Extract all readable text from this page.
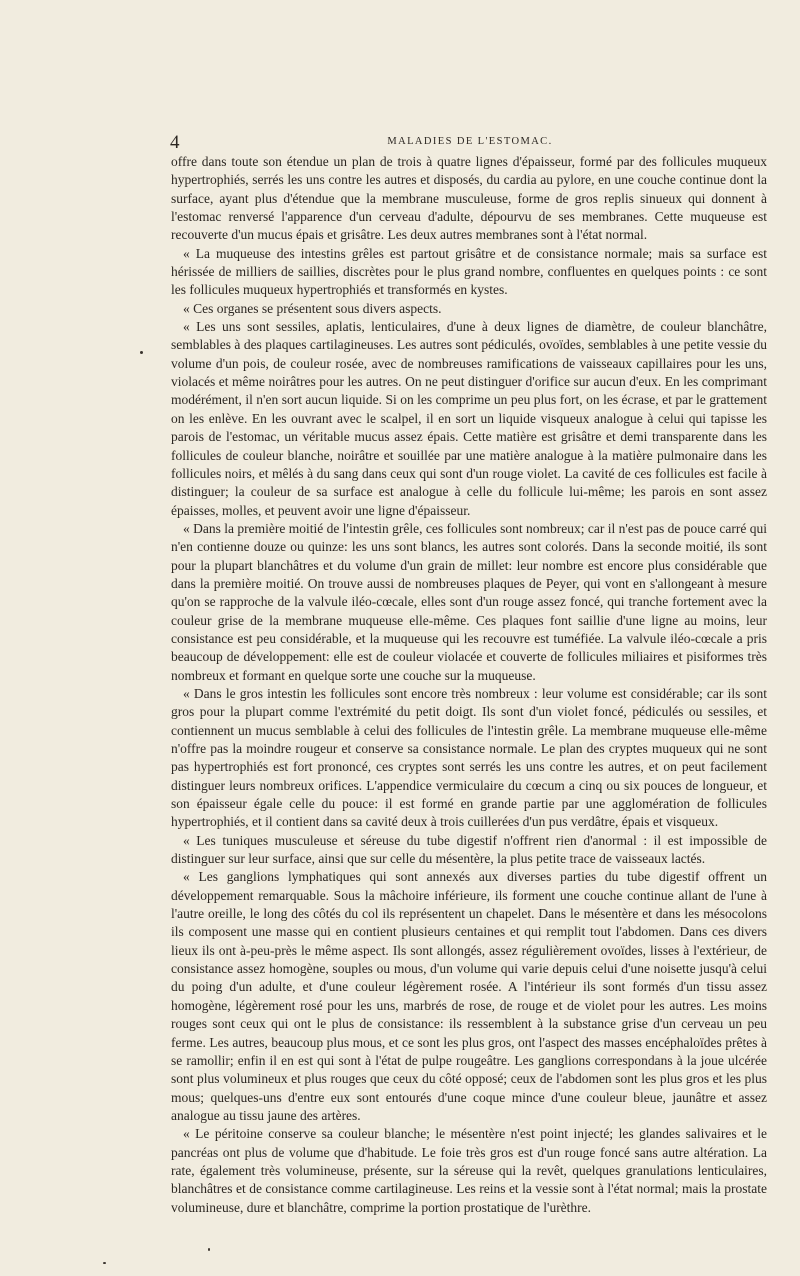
4	MALADIES DE L'ESTOMAC.

offre dans toute son étendue un plan de trois à quatre lignes d'épaisseur, formé par des follicules muqueux hypertrophiés, serrés les uns contre les autres et disposés, du cardia au pylore, en une couche continue dont la surface, ayant plus d'étendue que la membrane musculeuse, forme de gros replis sinueux qui donnent à l'estomac renversé l'apparence d'un cerveau d'adulte, dépourvu de ses membranes. Cette muqueuse est recouverte d'un mucus épais et grisâtre. Les deux autres membranes sont à l'état normal.

« La muqueuse des intestins grêles est partout grisâtre et de consistance normale; mais sa surface est hérissée de milliers de saillies, discrètes pour le plus grand nombre, confluentes en quelques points : ce sont les follicules muqueux hypertrophiés et transformés en kystes.

« Ces organes se présentent sous divers aspects.

« Les uns sont sessiles, aplatis, lenticulaires, d'une à deux lignes de diamètre, de couleur blanchâtre, semblables à des plaques cartilagineuses. Les autres sont pédiculés, ovoïdes, semblables à une petite vessie du volume d'un pois, de couleur rosée, avec de nombreuses ramifications de vaisseaux capillaires pour les uns, violacés et même noirâtres pour les autres. On ne peut distinguer d'orifice sur aucun d'eux. En les comprimant modérément, il n'en sort aucun liquide. Si on les comprime un peu plus fort, on les écrase, et par le grattement on les enlève. En les ouvrant avec le scalpel, il en sort un liquide visqueux analogue à celui qui tapisse les parois de l'estomac, un véritable mucus assez épais. Cette matière est grisâtre et demi transparente dans les follicules de couleur blanche, noirâtre et souillée par une matière analogue à la matière pulmonaire dans les follicules noirs, et mêlés à du sang dans ceux qui sont d'un rouge violet. La cavité de ces follicules est facile à distinguer; la couleur de sa surface est analogue à celle du follicule lui-même; les parois en sont assez épaisses, molles, et peuvent avoir une ligne d'épaisseur.

« Dans la première moitié de l'intestin grêle, ces follicules sont nombreux; car il n'est pas de pouce carré qui n'en contienne douze ou quinze: les uns sont blancs, les autres sont colorés. Dans la seconde moitié, ils sont pour la plupart blanchâtres et du volume d'un grain de millet: leur nombre est encore plus considérable que dans la première moitié. On trouve aussi de nombreuses plaques de Peyer, qui vont en s'allongeant à mesure qu'on se rapproche de la valvule iléo-cœcale, elles sont d'un rouge assez foncé, qui tranche fortement avec la couleur grise de la membrane muqueuse elle-même. Ces plaques font saillie d'une ligne au moins, leur consistance est peu considérable, et la muqueuse qui les recouvre est tuméfiée. La valvule iléo-cœcale a pris beaucoup de développement: elle est de couleur violacée et couverte de follicules miliaires et pisiformes très nombreux et formant en quelque sorte une couche sur la muqueuse.

« Dans le gros intestin les follicules sont encore très nombreux : leur volume est considérable; car ils sont gros pour la plupart comme l'extrémité du petit doigt. Ils sont d'un violet foncé, pédiculés ou sessiles, et contiennent un mucus semblable à celui des follicules de l'intestin grêle. La membrane muqueuse elle-même n'offre pas la moindre rougeur et conserve sa consistance normale. Le plan des cryptes muqueux qui ne sont pas hypertrophiés est fort prononcé, ces cryptes sont serrés les uns contre les autres, et on peut facilement distinguer leurs nombreux orifices. L'appendice vermiculaire du cœcum a cinq ou six pouces de longueur, et son épaisseur égale celle du pouce: il est formé en grande partie par une agglomération de follicules hypertrophiés, et il contient dans sa cavité deux à trois cuillerées d'un pus verdâtre, épais et visqueux.

« Les tuniques musculeuse et séreuse du tube digestif n'offrent rien d'anormal : il est impossible de distinguer sur leur surface, ainsi que sur celle du mésentère, la plus petite trace de vaisseaux lactés.

« Les ganglions lymphatiques qui sont annexés aux diverses parties du tube digestif offrent un développement remarquable. Sous la mâchoire inférieure, ils forment une couche continue allant de l'une à l'autre oreille, le long des côtés du col ils représentent un chapelet. Dans le mésentère et dans les mésocolons ils composent une masse qui en contient plusieurs centaines et qui remplit tout l'abdomen. Dans ces divers lieux ils ont à-peu-près le même aspect. Ils sont allongés, assez régulièrement ovoïdes, lisses à l'extérieur, de consistance assez homogène, souples ou mous, d'un volume qui varie depuis celui d'une noisette jusqu'à celui du poing d'un adulte, et d'une couleur légèrement rosée. A l'intérieur ils sont formés d'un tissu assez homogène, légèrement rosé pour les uns, marbrés de rose, de rouge et de violet pour les autres. Les moins rouges sont ceux qui ont le plus de consistance: ils ressemblent à la substance grise d'un cerveau un peu ferme. Les autres, beaucoup plus mous, et ce sont les plus gros, ont l'aspect des masses encéphaloïdes prêtes à se ramollir; enfin il en est qui sont à l'état de pulpe rougeâtre. Les ganglions correspondans à la joue ulcérée sont plus volumineux et plus rouges que ceux du côté opposé; ceux de l'abdomen sont les plus gros et les plus mous; quelques-uns d'entre eux sont entourés d'une coque mince d'une couleur bleue, jaunâtre et assez analogue au tissu jaune des artères.

« Le péritoine conserve sa couleur blanche; le mésentère n'est point injecté; les glandes salivaires et le pancréas ont plus de volume que d'habitude. Le foie très gros est d'un rouge foncé sans autre altération. La rate, également très volumineuse, présente, sur la séreuse qui la revêt, quelques granulations lenticulaires, blanchâtres et de consistance comme cartilagineuse. Les reins et la vessie sont à l'état normal; mais la prostate volumineuse, dure et blanchâtre, comprime la portion prostatique de l'urèthre.
